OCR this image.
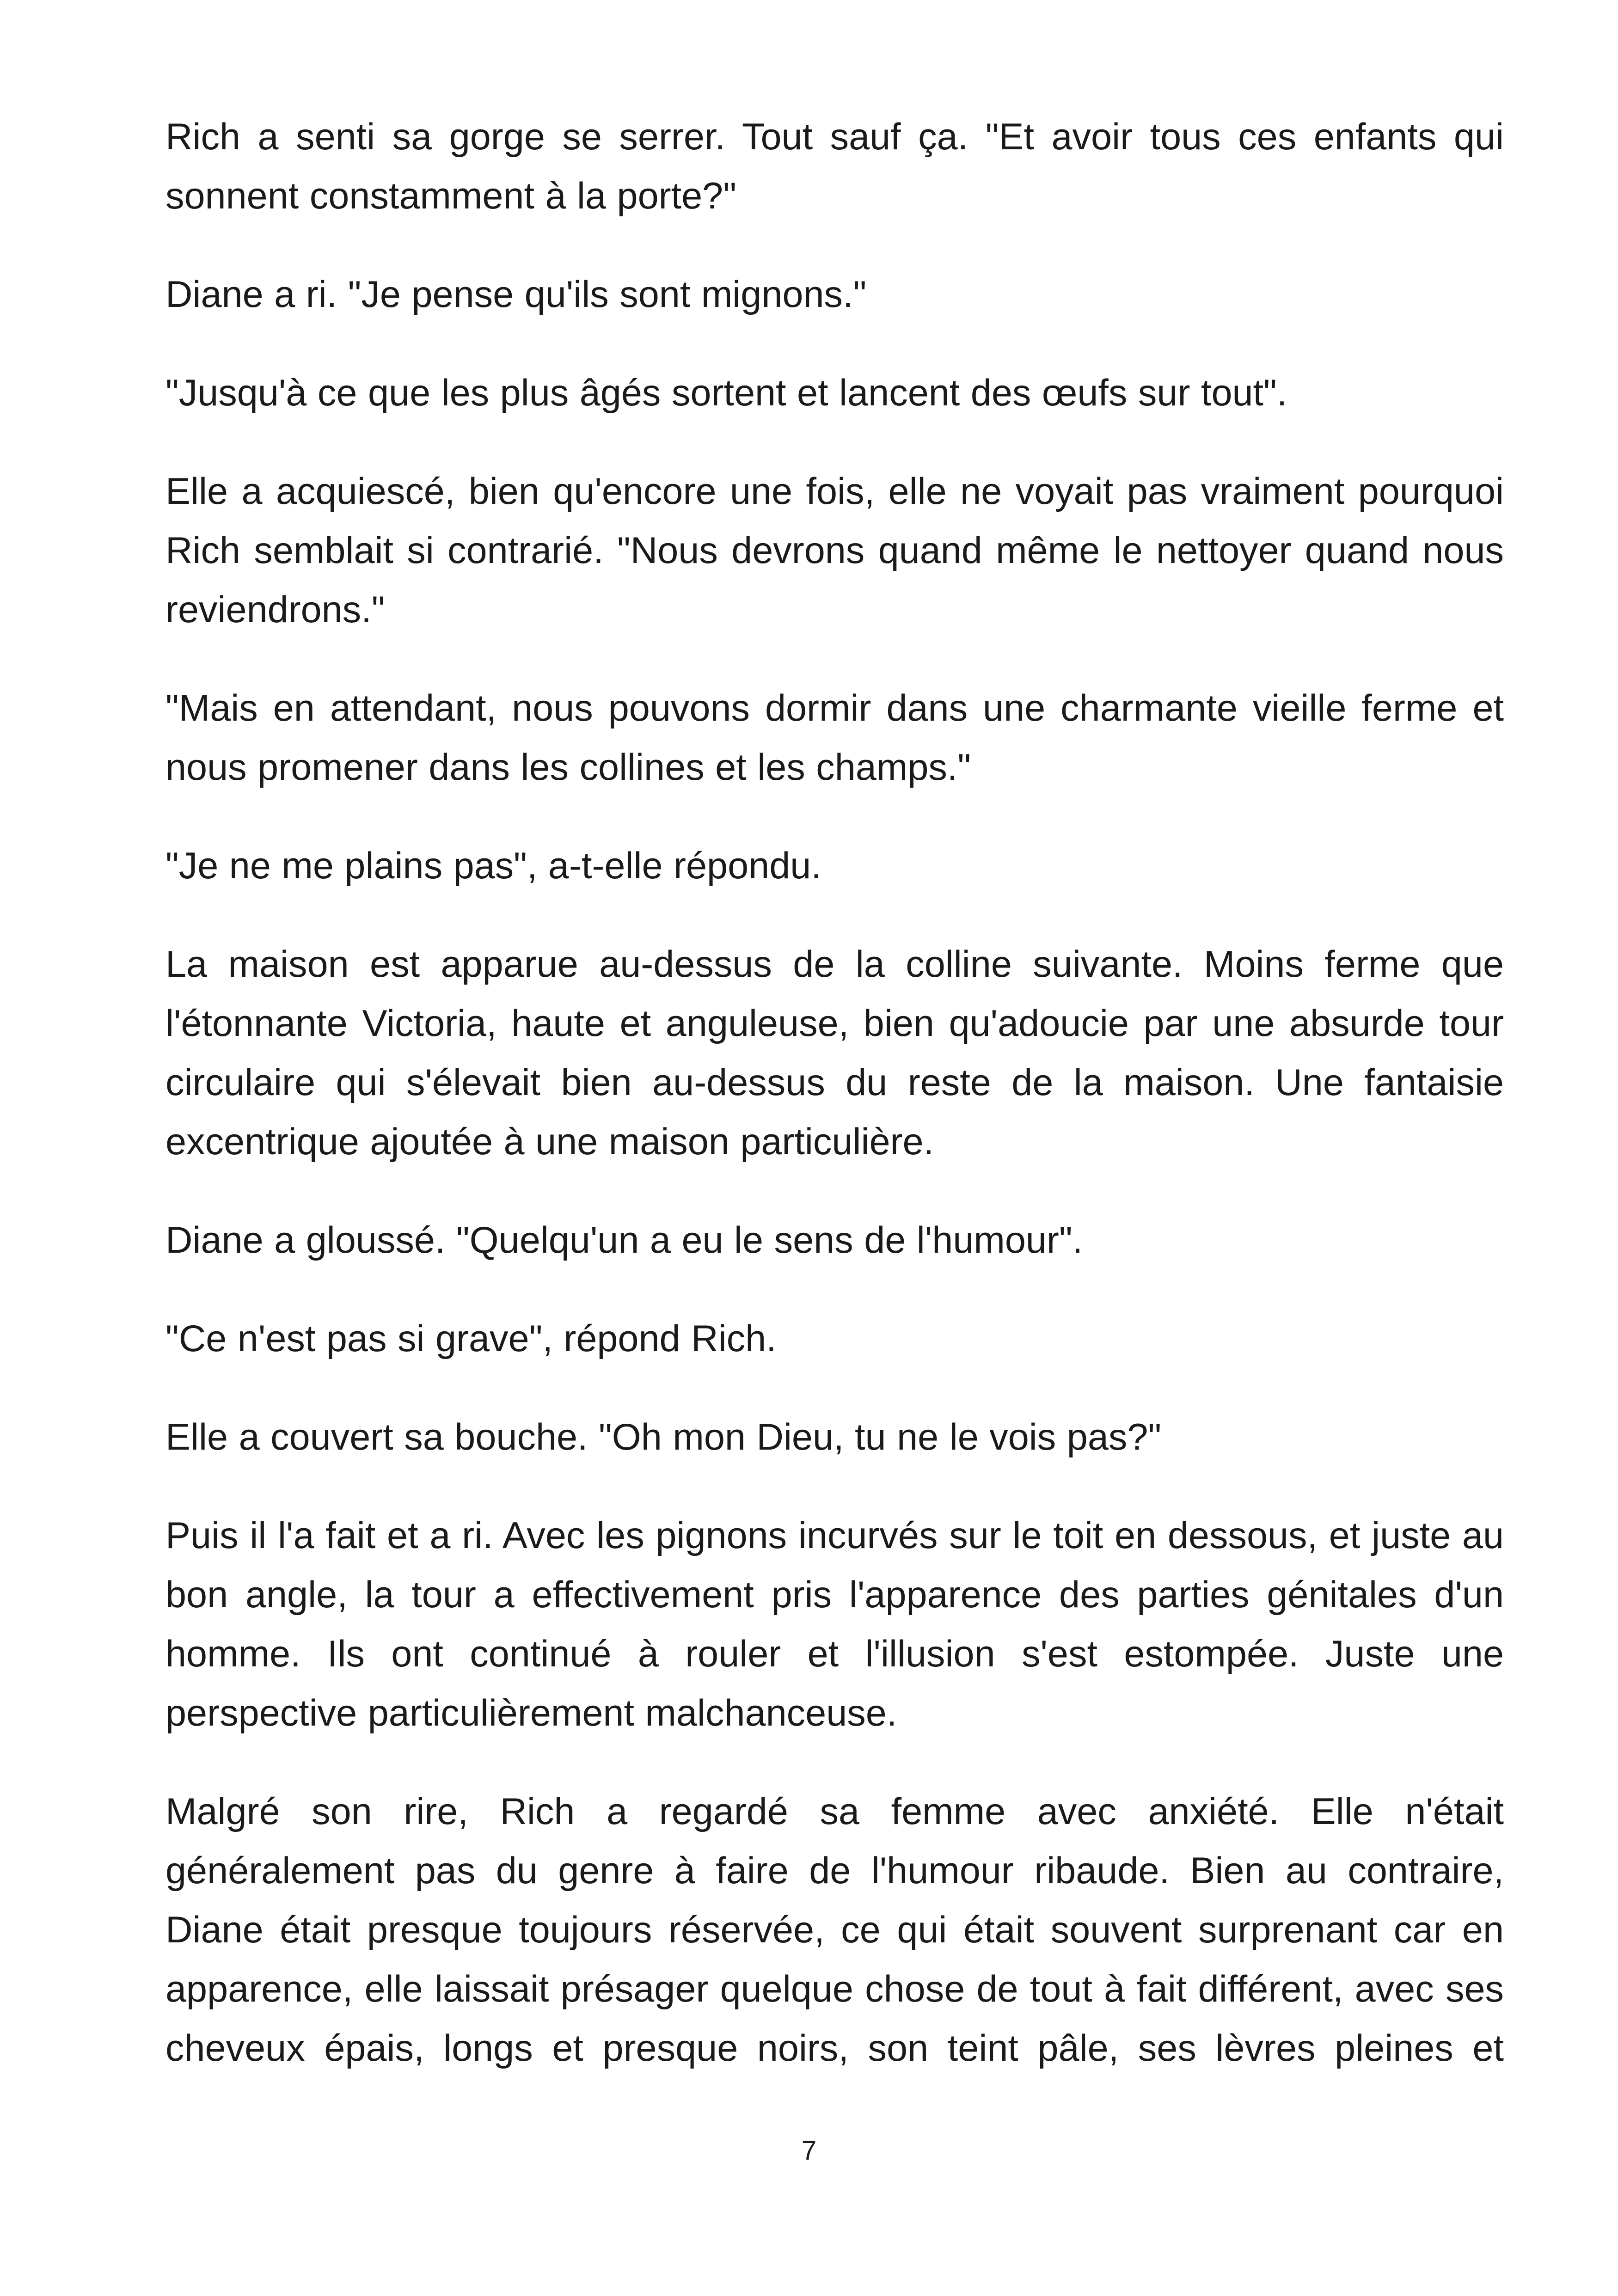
Rich a senti sa gorge se serrer. Tout sauf ça. "Et avoir tous ces enfants qui sonnent constamment à la porte?"

Diane a ri. "Je pense qu'ils sont mignons."

"Jusqu'à ce que les plus âgés sortent et lancent des œufs sur tout".

Elle a acquiescé, bien qu'encore une fois, elle ne voyait pas vraiment pourquoi Rich semblait si contrarié. "Nous devrons quand même le nettoyer quand nous reviendrons."

"Mais en attendant, nous pouvons dormir dans une charmante vieille ferme et nous promener dans les collines et les champs."

"Je ne me plains pas", a-t-elle répondu.

La maison est apparue au-dessus de la colline suivante. Moins ferme que l'étonnante Victoria, haute et anguleuse, bien qu'adoucie par une absurde tour circulaire qui s'élevait bien au-dessus du reste de la maison. Une fantaisie excentrique ajoutée à une maison particulière.

Diane a gloussé. "Quelqu'un a eu le sens de l'humour".

"Ce n'est pas si grave", répond Rich.

Elle a couvert sa bouche. "Oh mon Dieu, tu ne le vois pas?"

Puis il l'a fait et a ri. Avec les pignons incurvés sur le toit en dessous, et juste au bon angle, la tour a effectivement pris l'apparence des parties génitales d'un homme. Ils ont continué à rouler et l'illusion s'est estompée. Juste une perspective particulièrement malchanceuse.

Malgré son rire, Rich a regardé sa femme avec anxiété. Elle n'était généralement pas du genre à faire de l'humour ribaude. Bien au contraire, Diane était presque toujours réservée, ce qui était souvent surprenant car en apparence, elle laissait présager quelque chose de tout à fait différent, avec ses cheveux épais, longs et presque noirs, son teint pâle, ses lèvres pleines et

7
